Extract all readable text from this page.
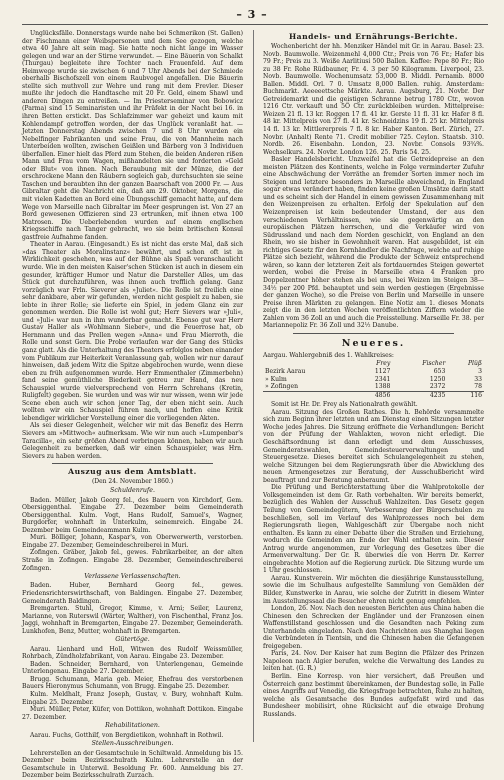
– 3 –

Unglücksfälle. Donnerstags wurde nahe bei Schmerikon (St. Gallen) der Fischmann einer Weibspersonen und dem See gezogen, welche etwa 40 Jahre alt sein mag. Sie hatte noch nicht lange im Wasser gelegen und war an der Stirne verwundet. — Eine Bäuerin von Schalkt (Thurgau) begleitete ihre Tochter nach Frauenfeld. Auf dem Heimwege wurde sie zwischen 6 und 7 Uhr Abends bei der Schmiede oberhalb Bischofszell von einem Raubvogel angefallen. Die Bäuerin stellte sich muthvoll zur Wehre und rang mit dem Frevler. Dieser mußte ihr jedoch die Handtasche mit 20 Fr. Geld, einem Shawl und anderen Dingen zu entreißen. — Im Priesterseminar von Bobowicz (Parma) sind 15 Seminaristen und ihr Präfekt in der Nacht bei 16. in ihren Betten erstickt. Das Schlafzimmer war geheizt und kaum mit Kohlendampf getroffen worden, der das Unglück veranlaßt hat. — Jetzten Donnerstag Abends zwischen 7 und 8 Uhr wurden ein Nebelfinger Fabrikanten und seine Frau, die von Mannheim nach Unterbeiden wollten, zwischen Geißlen und Bärberg von 3 Individuen überfallen. Einer hielt das Pferd zum Stehen, die beiden Anderen rißen Mann und Frau vom Wagen, mißhandelten sie und forderten »Geld oder Blut« von ihnen. Nach Beraubung mit der Münze, die der erschrockene Mann den Räubern sogleich gab, durchsuchten sie seine Taschen und beraubten ihn der ganzen Baarschaft von 2000 Fr. — Aus Gibraltar geht die Nachricht ein, daß am 29. Oktober, Morgens, die mit vielen Kadetten an Bord eine Übungsschiff gemacht hatte, auf dem Wege von Marseille nach Gibraltar im Meer gesprungen ist. Von 27 an Bord gewesenen Offizieren sind 23 ertrunken, mit ihnen etwa 100 Matrosen. Die Ueberlebenden wurden auf einem englischen Kriegsschiffe nach Tanger gebracht, wo sie beim britischen Konsul gastfreie Aufnahme fanden.

Theater in Aarau. (Eingesandt.) Es ist nicht das erste Mal, daß sich »das Theater als Moralinstanz« bewährt, und schon oft ist in Wirklichkeit geschehen, was auf der Bühne als Spaß veranschaulicht wurde. Wie in den meisten Kaiser'schen Stücken ist auch in diesem ein gesunder, kräftiger Humor und Natur die Darsteller Alles, um das Stück gut durchzuführen, was ihnen auch trefflich gelang. Ganz vorzüglich war Frln. Sieverer als »Juliet«. Die Rolle ist freilich eine sehr dankbare, aber wir gefunden, werden nicht gespielt zu haben, sie lebte in ihrer Rolle; sie lieferte ein Spiel, in jedem Glanz ein zur genommen werden. Die Rolle ist wohl gut; Herr Sievers war »Juli«, und »Juli« war nun in ihm wunderbar gemacht. Ebenso gut war Herr Gustav Haller als »Wohlmann Sieber«, und die Feuerrose hat, ob Hernmann und das Prellen wegen »Anna« und Frau Mierroth, die Rolle und sonst Gern. Die Probe verlaufen war der Gang des Stücks ganz glatt. Als die Unterhaltung des Theaters erfolglos neben einander vom Publikum zur Heiterkeit Veranlassung gab, wollen wir nur darauf hinweisen, daß jedem Witz die Spitze abgebrochen wurde, wenn diese eben zu früh aufgenommen wurde. Herr Emmenthaler (Zimmerbehn) fand seine gemüthliche Biederkeit getreu zur Hand, das neu Schauspiel wurde vielversprechend von Herrn Schrehans (Kretin, Ruligfelt) gegeben. Sie wurden und was wir nur wissen, wenn wir jede Scene eben auch wir schon jener Tag, der eben nicht sein. Auch wollten wir ein Schauspiel führen nach, und hoffen eine Kritik lebendiger wirklicher Vorstellung einer die vorliegenden Akten.

Als sei dieser Gelegenheit, welcher wir mit das Benefiz des Herrn Sievers am »Mittwoch« aufmerksam. Wie wir nun auch »Lumpenbar's Taracilla«, ein sehr größen Abend verbringen können, haben wir auch Gelegenheit zu bemerken, daß wir einen Schauspieler, was Hrn. Sievers zu haben werden.

Auszug aus dem Amtsblatt.
(Den 24. November 1860.)
Schuldenrufe.

Baden. Müller, Jakob Georg fel., des Bauern von Kirchdorf, Gem. Obersiggenthal. Eingabe 27. Dezember beim Gemeinderath Obersiggenthal. Kulm. Vogt, Hans Rudolf, Samuel's, Wagner, Burgdorfer, wohnhaft in Unterkulm, seinemreich. Eingabe 24. Dezember beim Gemeindeammann Kulm.

Muri. Bölliger, Johann, Kaspar's, von Oberwerwerth, verstorben. Eingabe 27. Dezember, Gemeindeschreiberei in Muri.

Zofingen. Gräber, Jakob fel., gewes. Fabrikarbeiter, an der alten Straße in Zofingen. Eingabe 28. Dezember, Gemeindeschreiberei Zofingen.

Verlassene Verlassenschaften.

Baden. Huber, Bernhard Georg fel., gewes. Friedensrichterswirthschaft, von Baldingen. Eingabe 27. Dezember, Gemeinderath Baldingen.

Bremgarten. Stuhl, Gregor, Kimme, v. Arni; Seiler, Laurenz, Marianne, von Ruterswil (Wärter, Walther), von Fischenthal, Franz Jos. Jaggi, wohnhaft in Bremgarten, Eingabe 27. Dezember, Gemeinderath. Lunkhofen, Benz, Mutter, wohnhaft in Bremgarten.

Gütertöge.

Aarau. Lienhard und Holl, Witwen des Rudolf Weissmüller, Rohrbach, Zündholzfabrikant, von Aarau. Eingabe 23. Dezember.

Baden. Schneider, Bernhard, von Unterlengenau, Gemeinde Unterlengenau. Eingabe 27. Dezember.

Brugg. Schumann, Maria geb. Meier, Ehefrau des verstorbenen Bauers Hieronymus Schumann, von Brugg. Eingabe 25. Dezember.

Kulm. Meldhalt, Franz Joseph, Gustav, v. Bury, wohnhaft Kulm. Eingabe 25. Dezember.

Muri. Müller, Peter, Küfer, von Dottikon, wohnhaft Dottikon. Eingabe 27. Dezember.

Rehabilitationen.

Aarau. Fuchs, Gotthilf, von Bergdietikon, wohnhaft in Rothwil.

Stellen-Ausschreibungen.

Lehrerstellen an der Gesamtschule in Schiltwald. Anmeldung bis 15. Dezember beim Bezirksschulrath Kulm. Lehrerstelle an der Gesamtschule in Unterwil. Besoldung Fr. 600. Anmeldung bis 27. Dezember beim Bezirksschulrath Zurzach.

Handels- und Ernährungs-Berichte.

Wochenbericht der hh. Menziker Händel mit Gr. in Aarau. Basel: 23. Novb. Baumwolle. Weizenmehl 4,000 Ctr.; Preis von 76 Fr.; Hafer bis 79 Fr.; Preis zu 3. Weiße Aarlitiusi 500 Ballen. Kaffee: Pepe 80 Fr.; Rio zu 38 Fr. Rohe Rüdbauner, Fr. 4. 3 per 50 Kilogramm. Liverpool, 23. Novb. Baumwolle. Wochenumsatz 53,000 B. Middl. Pernamb. 8000 Ballen. Middl. Orl. 7 0. Umsatz 8,000 Ballen. ruhig. Amsterdam: Buchmarkt. Aeeeeettsche Märkte. Aarau. Augsburg, 21. Novbr. Der Getreidemarkt und die geistigen Schranne betrug 1780 Ctr., wovon 1216 Ctr. verkauft und 5Ö Ctr. zurückbleiben wurden. Mittelpreise: Weizen 21 fl. 13 kr. Roggen 17 fl. 41 kr. Gerste 11 fl. 31 kr. Hafer 8 fl. 48 kr. Mittelpreis von 27 fl. 41 kr. Schneidzins 19 fl. 25 kr. Mittelpreis 14 fl. 13 kr. Mittlererpreis 7 fl. 8 kr. Haber Kanton. Berl. Zürich, 27. Novbr. (Anhalt) Rente 71. Credit mobilier 725. Ceylon. Staatsb. 310. Nordb. 26. Eisenbahn. London, 23. Novbr. Consols 93¾%. Wechselkurs. 24. Novbr. London 126. 25. Paris 54. 25.

Basler Handelsbericht. Unzweifel hat die Getreidepreise an den meisten Plätzen des Kontinents, welche in Folge verminderter Zufuhr eine Abschwächung der Vorräthe an fremder Sorten immer noch im Steigen und letztere besonders in Marseille abweichend, in England sogar etwas verändert haben, finden keine großen Umsätze darin statt und es scheint sich der Handel in einem gewissen Zusammenhang mit den Weizenpreisen zu erhalten. Erfolg der Spekulation auf den Weizenpreisen ist kein bedeutender Umstand, der aus den verschiedenen Verhältnissen, wie sie gegenwärtig an den europäischen Plätzen herrschen, und die Verkäufer wird von Südrussland und nach dem Norden geschickt, von England an den Rhein, wo sie bisher in Gewohnheit waren. Hat ausgebildet, ist ein richtiges Gesetz für den Kornhändler die Nachfrage, welche auf ruhige Plätze sich bezieht, während die Produkte der Schweiz entsprechend wären, so kann der letzteren Zeit als fortdauerndes Steigen gewertet werden, wobei die Preise in Marseille etwa 4 Franken pro Doppelzentner höher stehen als bei uns, bei Weizen im Steigen 38—34½ per 200 Pfd. behauptet und sein werden gestiegen (Ergebnisse der ganzen Woche), so die Preise von Berlin und Marseille in unsere Preise ihren Märkten zu gelangen. Eine Notiz am 1. dieses Monats zeigt die in den letzten Wochen veröffentlichten Ziffern wieder die Zahlen vom 36 Zoll an und auch die Preisstellung. Marseille Fr. 38. per Mariannepoliz Fr. 36 Zoll und 32½ Danube.

Neueres.

Aargau. Wahlergebniß des 1. Wahlkreises:

	Frey	Fischer	Plüß
Bezirk Aarau	1127	653	3
» Kulm	2341	1250	33
» Zofingen	1388	2372	78
	4856	4235	116

Somit ist Hr. Dr. Frey als Nationalrath gewählt.

Aarau. Sitzung des Großen Rathes. Die h. Behörde versammelte sich zum Beginn ihrer letzten und am Dienstag einen Sitzungen letzter Woche jedes Jahres. Die Sitzung eröffnete die Verhandlungen: Bericht von der Prüfung der Wahlakten, wovon nicht erledigt. Die Geschäftsordnung ist dann erledigt und dem Ausschusses, Gemeinderatswahlen, Gemeindesteuerverwaltungen und Steuergesetze. Dieses bereitet sich Schulangelegenheit zu stehen, welche Sitzungen bei dem Regierungsrath über die Abwicklung des neuen Armengesetzes zur Beratung, der Ausschußbericht wird beauftragt und zur Beratung anberaumt.

Die Prüfung und Berichterstattung über die Wahlprotokolle der Volksgemeinden ist dem Gr. Rath vorbehalten. Wir bereits bemerkt, bezüglich des Wahlen der Ausschuß Wahlzeiten. Das Gesetz gegen Teilung von Gemeindegütern, Verbesserung der Bürgerschulen zu beschließen, soll im Verlauf des Wahlprozesses noch bei dem Regierungsrath liegen, Wahlgeschäft zur Übergabe noch nicht enthalten. Es kann zu einer Debatte über die Straßen und Erziehung, wodurch die Gemeinden am Ende der Wahl enthalten sein. Dieser Antrag wurde angenommen, zur Vorlegung des Gesetzes über die Armenverwaltung. Der Gr. R. überwies die von Herrn Dr. Kerrer eingebrachte Motion auf die Regierung zurück. Die Sitzung wurde um 1 Uhr geschlossen.

Aarau. Kunstverein. Wir möchten die diesjährige Kunstausstellung, sowie die im Schulhaus aufgestellte Sammlung von Gemälden der Bilder, Kunstwerke in Aarau, wie solche der Zutritt in diesem Winter im Ausstellungssaal die Besucher ehren nicht genug empfehlen.

London, 26. Nov. Nach den neuesten Berichten aus China haben die Chinesen den Schrecken der Engländer und der Franzosen einen Waffenstillstand geschlossen und die Gesandten nach Peking zum Unterhandeln eingeladen. Nach den Nachrichten aus Shanghai liegen die Verbündeten in Tientsin, und die Chinesen haben die Gefangenen freigegeben.

Paris, 24. Nov. Der Kaiser hat zum Beginn die Pfälzer des Prinzen Napoleon nach Algier berufen, welche die Verwaltung des Landes zu leiten hat. (G. R.)

Berlin. Eine Korresp. von hier versichert, daß Preußen und Österreich ganz bestimmt übereinkamen, der Bundestag solle, in Falle eines Angriffs auf Venedig, die Kriegsfrage betrachten, Ruhe zu halten, welche als Gesamtsache des Bundes aufgefaßt wird und das Bundesheer mobilisirt, ohne Rücksicht auf die etwaige Drohung Russlands.
